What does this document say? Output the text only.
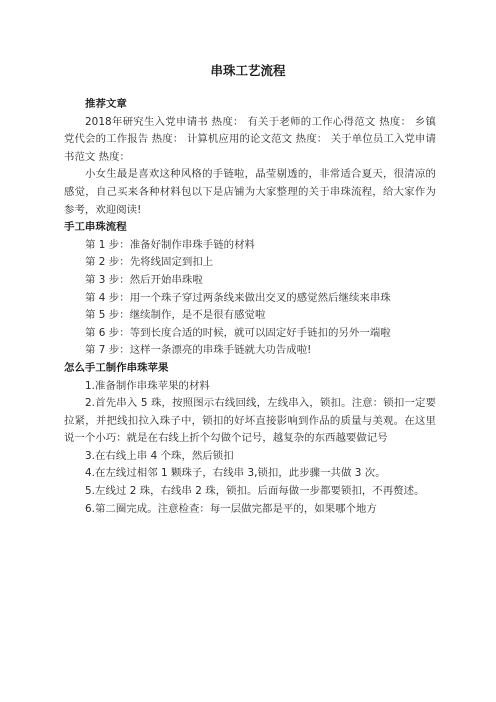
串珠工艺流程

推荐文章

2018年研究生入党申请书 热度： 有关于老师的工作心得范文 热度： 乡镇党代会的工作报告 热度： 计算机应用的论文范文 热度： 关于单位员工入党申请书范文 热度：

小女生最是喜欢这种风格的手链啦，晶莹剔透的，非常适合夏天，很清凉的感觉，自己买来各种材料包以下是店铺为大家整理的关于串珠流程，给大家作为参考，欢迎阅读!

手工串珠流程

第 1 步：准备好制作串珠手链的材料

第 2 步：先将线固定到扣上

第 3 步：然后开始串珠啦

第 4 步：用一个珠子穿过两条线来做出交叉的感觉然后继续来串珠

第 5 步：继续制作，是不是很有感觉啦

第 6 步：等到长度合适的时候，就可以固定好手链扣的另外一端啦

第 7 步：这样一条漂亮的串珠手链就大功告成啦!

怎么手工制作串珠苹果

1.准备制作串珠苹果的材料

2.首先串入 5 珠，按照图示右线回线，左线串入，锁扣。注意：锁扣一定要拉紧，并把线扣拉入珠子中，锁扣的好坏直接影响到作品的质量与美观。在这里说一个小巧：就是在右线上折个勾做个记号，越复杂的东西越要做记号

3.在右线上串 4 个珠，然后锁扣

4.在左线过相邻 1 颗珠子，右线串 3,锁扣，此步骤一共做 3 次。

5.左线过 2 珠，右线串 2 珠，锁扣。后面每做一步都要锁扣，不再赘述。

6.第二圈完成。注意检查：每一层做完都是平的，如果哪个地方
